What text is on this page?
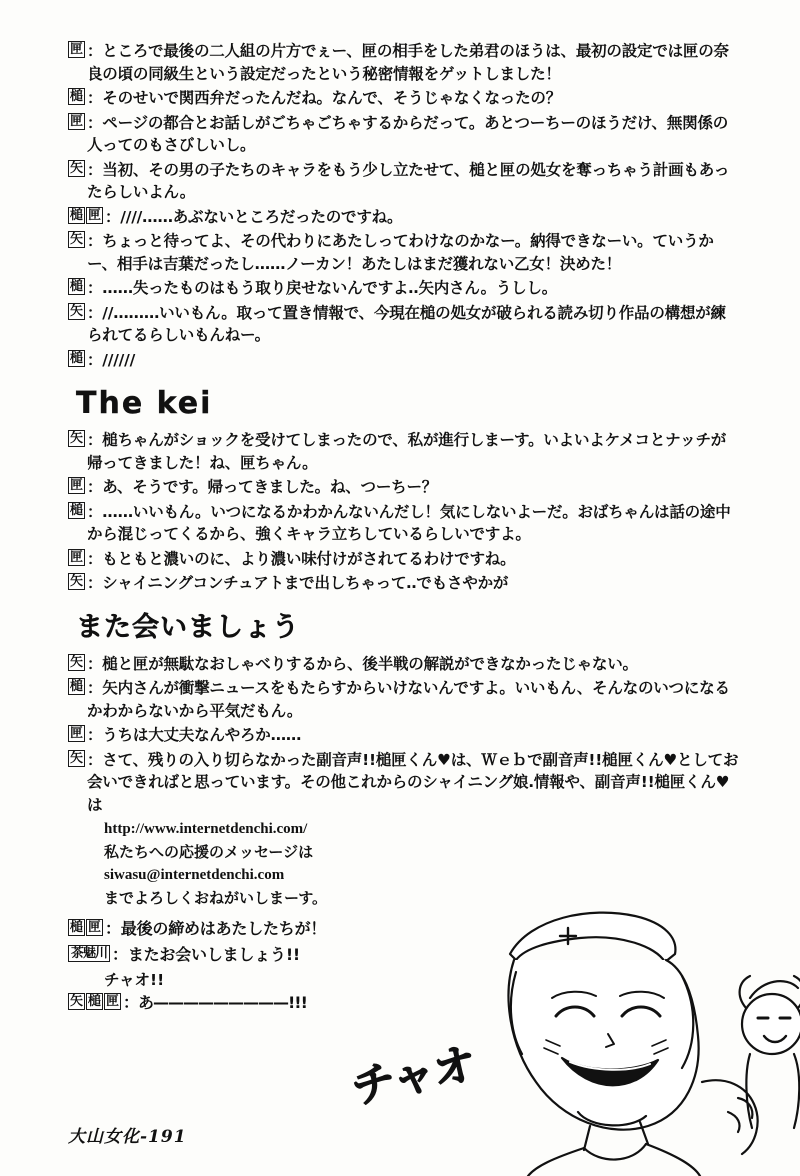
匣 ：ところで最後の二人組の片方でぇー、匣の相手をした弟君のほうは、最初の設定では匣の奈良の頃の同級生という設定だったという秘密情報をゲットしました！
槌 ：そのせいで関西弁だったんだね。なんで、そうじゃなくなったの？
匣 ：ページの都合とお話しがごちゃごちゃするからだって。あとつーちーのほうだけ、無関係の人ってのもさびしいし。
矢 ：当初、その男の子たちのキャラをもう少し立たせて、槌と匣の処女を奪っちゃう計画もあったらしいよん。
槌 匣 ：////……あぶないところだったのですね。
矢 ：ちょっと待ってよ、その代わりにあたしってわけなのかなー。納得できなーい。ていうかー、相手は吉葉だったし……ノーカン！あたしはまだ獲れない乙女！決めた！
槌 ：……失ったものはもう取り戻せないんですよ‥矢内さん。うしし。
矢 ：//………いいもん。取って置き情報で、今現在槌の処女が破られる読み切り作品の構想が練られてるらしいもんねー。
槌 ：//////
The kei
矢 ：槌ちゃんがショックを受けてしまったので、私が進行しまーす。いよいよケメコとナッチが帰ってきました！ね、匣ちゃん。
匣 ：あ、そうです。帰ってきました。ね、つーちー？
槌 ：……いいもん。いつになるかわかんないんだし！気にしないよーだ。おばちゃんは話の途中から混じってくるから、強くキャラ立ちしているらしいですよ。
匣 ：もともと濃いのに、より濃い味付けがされてるわけですね。
矢 ：シャイニングコンチュアトまで出しちゃって‥でもさやかが
また会いましょう
矢 ：槌と匣が無駄なおしゃべりするから、後半戦の解説ができなかったじゃない。
槌 ：矢内さんが衝撃ニュースをもたらすからいけないんですよ。いいもん、そんなのいつになるかわからないから平気だもん。
匣 ：うちは大丈夫なんやろか……
矢 ：さて、残りの入り切らなかった副音声!!槌匣くん♥は、Ｗｅｂで副音声!!槌匣くん♥としてお会いできればと思っています。その他これからのシャイニング娘.情報や、副音声!!槌匣くん♥は
http://www.internetdenchi.com/
私たちへの応援のメッセージは
siwasu@internetdenchi.com
までよろしくおねがいしまーす。
槌 匣 ：最後の締めはあたしたちが！
茶魅川 ：またお会いしましょう!!
チャオ!!
矢 槌 匣 ：あ—————————!!!
チャオ
大山女化-191
